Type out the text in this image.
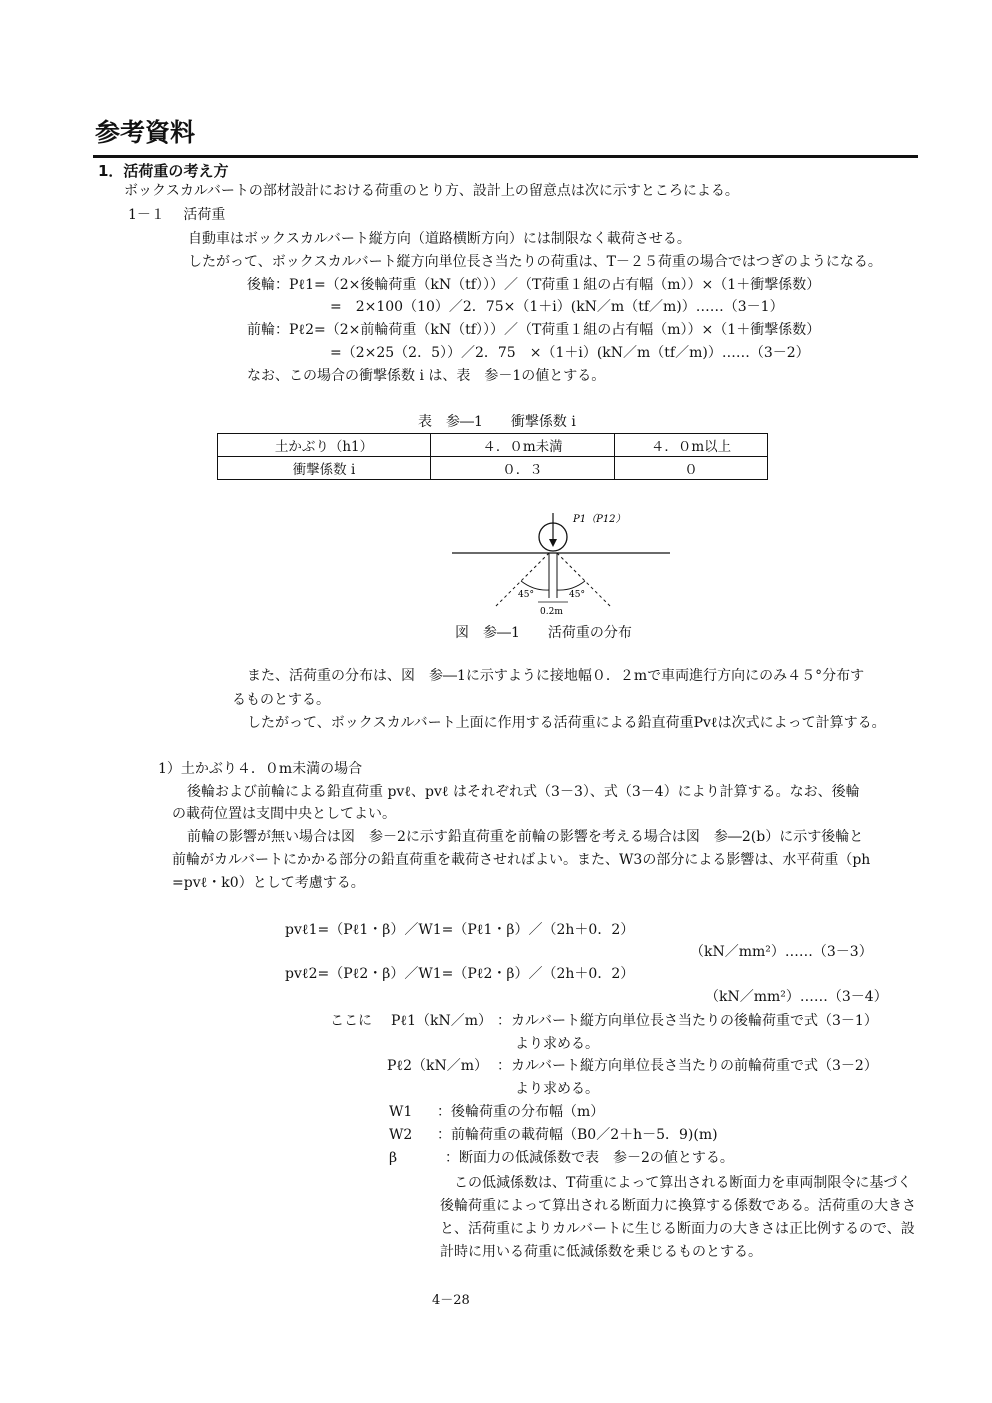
参考資料
1．活荷重の考え方
ボックスカルバートの部材設計における荷重のとり方、設計上の留意点は次に示すところによる。
1－１　 活荷重
自動車はボックスカルバート縦方向（道路横断方向）には制限なく載荷させる。
したがって、ボックスカルバート縦方向単位長さ当たりの荷重は、T－２５荷重の場合ではつぎのようになる。
後輪：Pℓ1=（2×後輪荷重（kN（tf）））／（T荷重１組の占有幅（m））×（1＋衝撃係数）
=　2×100（10）／2．75×（1＋i）(kN／m（tf／m)）……（3－1）
前輪：Pℓ2=（2×前輪荷重（kN（tf）））／（T荷重１組の占有幅（m））×（1＋衝撃係数）
=（2×25（2．5））／2．75　×（1＋i）(kN／m（tf／m)）……（3－2）
なお、この場合の衝撃係数 i は、表　参－1の値とする。
表　参―1　　衝撃係数 i
土かぶり（h1）	４．０m未満	４．０m以上
衝撃係数 i	０．３	０
P1（P12）
45°	45°
0.2m
図　参―1　　活荷重の分布
また、活荷重の分布は、図　参―1に示すように接地幅０．２mで車両進行方向にのみ４５°分布す
るものとする。
したがって、ボックスカルバート上面に作用する活荷重による鉛直荷重Pvℓは次式によって計算する。
1）土かぶり４．０m未満の場合
後輪および前輪による鉛直荷重 pvℓ、pvℓ はそれぞれ式（3－3）、式（3－4）により計算する。なお、後輪
の載荷位置は支間中央としてよい。
前輪の影響が無い場合は図　参－2に示す鉛直荷重を前輪の影響を考える場合は図　参―2(b）に示す後輪と
前輪がカルバートにかかる部分の鉛直荷重を載荷させればよい。また、W3の部分による影響は、水平荷重（ph
=pvℓ・k0）として考慮する。
pvℓ1=（Pℓ1・β）／W1=（Pℓ1・β）／（2h＋0．2）
（kN／mm²）……（3－3）
pvℓ2=（Pℓ2・β）／W1=（Pℓ2・β）／（2h＋0．2）
（kN／mm²）……（3－4）
ここに Pℓ1（kN／m） ：カルバート縦方向単位長さ当たりの後輪荷重で式（3－1）
より求める。
Pℓ2（kN／m） ：カルバート縦方向単位長さ当たりの前輪荷重で式（3－2）
より求める。
W1 ：後輪荷重の分布幅（m）
W2 ：前輪荷重の載荷幅（B0／2＋h－5．9)(m)
β	：断面力の低減係数で表　参－2の値とする。
この低減係数は、T荷重によって算出される断面力を車両制限令に基づく後輪荷重によって算出される断面力に換算する係数である。活荷重の大きさと、活荷重によりカルバートに生じる断面力の大きさは正比例するので、設計時に用いる荷重に低減係数を乗じるものとする。
4－28
